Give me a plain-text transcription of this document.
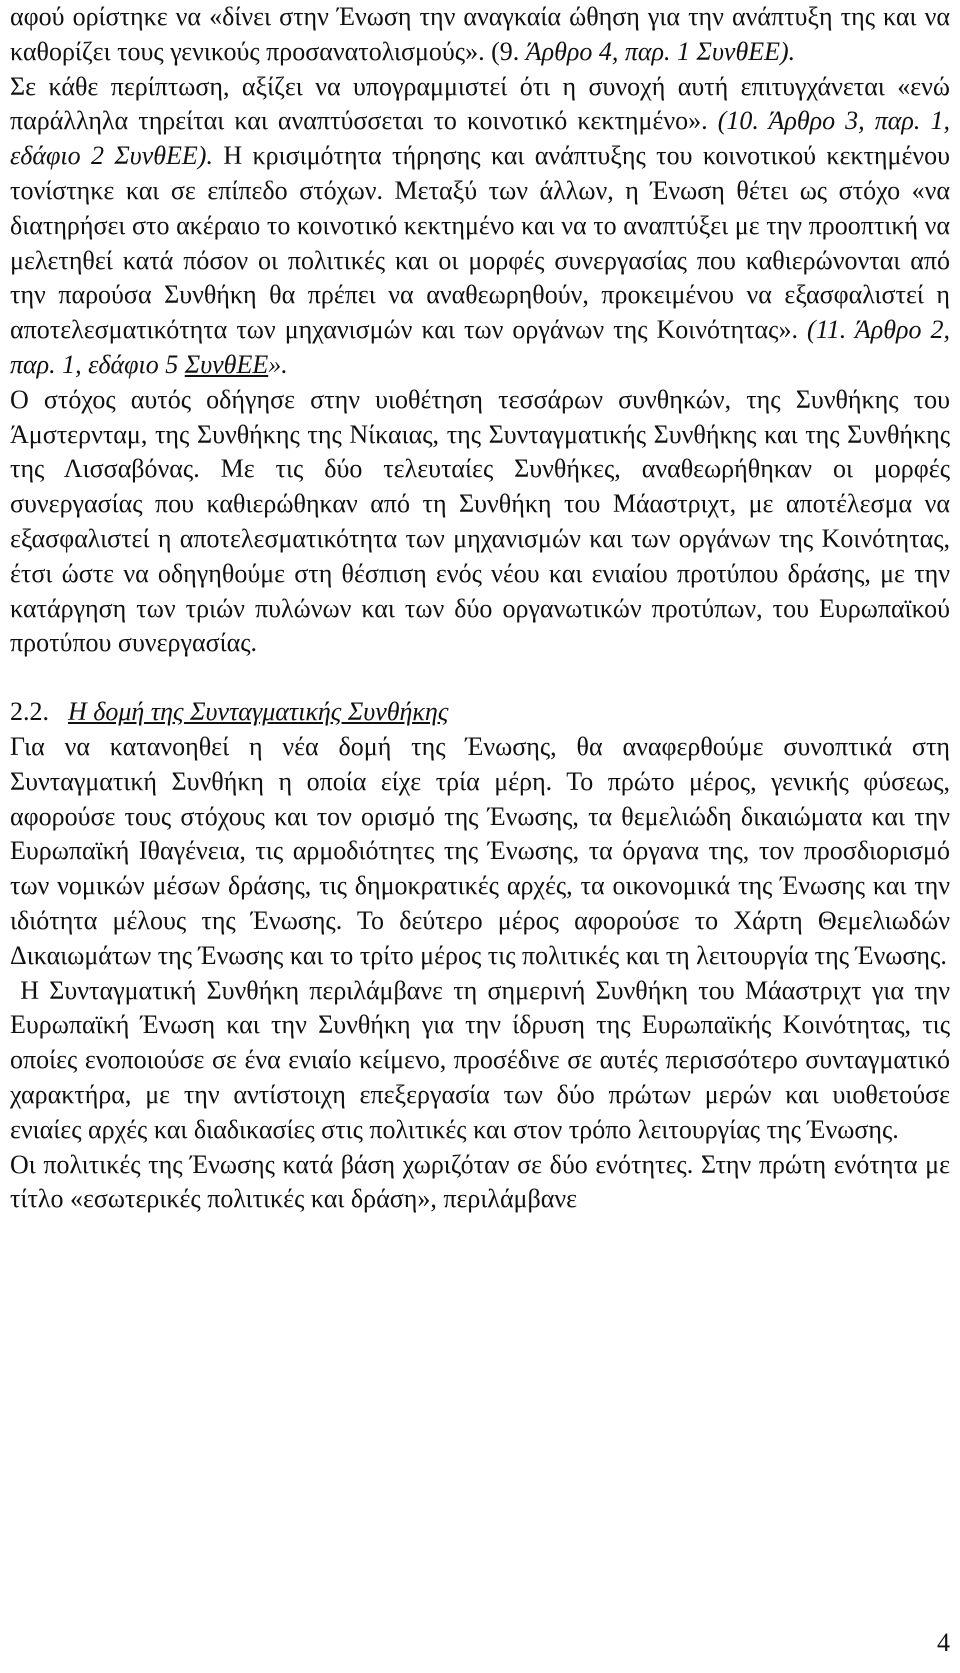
αφού ορίστηκε να «δίνει στην Ένωση την αναγκαία ώθηση για την ανάπτυξη της και να καθορίζει τους γενικούς προσανατολισμούς». (9. Άρθρο 4, παρ. 1 ΣυνθΕΕ).

Σε κάθε περίπτωση, αξίζει να υπογραμμιστεί ότι η συνοχή αυτή επιτυγχάνεται «ενώ παράλληλα τηρείται και αναπτύσσεται το κοινοτικό κεκτημένο». (10. Άρθρο 3, παρ. 1, εδάφιο 2 ΣυνθΕΕ). Η κρισιμότητα τήρησης και ανάπτυξης του κοινοτικού κεκτημένου τονίστηκε και σε επίπεδο στόχων. Μεταξύ των άλλων, η Ένωση θέτει ως στόχο «να διατηρήσει στο ακέραιο το κοινοτικό κεκτημένο και να το αναπτύξει με την προοπτική να μελετηθεί κατά πόσον οι πολιτικές και οι μορφές συνεργασίας που καθιερώνονται από την παρούσα Συνθήκη θα πρέπει να αναθεωρηθούν, προκειμένου να εξασφαλιστεί η αποτελεσματικότητα των μηχανισμών και των οργάνων της Κοινότητας». (11. Άρθρο 2, παρ. 1, εδάφιο 5 ΣυνθΕΕ».

Ο στόχος αυτός οδήγησε στην υιοθέτηση τεσσάρων συνθηκών, της Συνθήκης του Άμστερνταμ, της Συνθήκης της Νίκαιας, της Συνταγματικής Συνθήκης και της Συνθήκης της Λισσαβόνας. Με τις δύο τελευταίες Συνθήκες, αναθεωρήθηκαν οι μορφές συνεργασίας που καθιερώθηκαν από τη Συνθήκη του Μάαστριχτ, με αποτέλεσμα να εξασφαλιστεί η αποτελεσματικότητα των μηχανισμών και των οργάνων της Κοινότητας, έτσι ώστε να οδηγηθούμε στη θέσπιση ενός νέου και ενιαίου προτύπου δράσης, με την κατάργηση των τριών πυλώνων και των δύο οργανωτικών προτύπων, του Ευρωπαϊκού προτύπου συνεργασίας.

2.2. Η δομή της Συνταγματικής Συνθήκης

Για να κατανοηθεί η νέα δομή της Ένωσης, θα αναφερθούμε συνοπτικά στη Συνταγματική Συνθήκη η οποία είχε τρία μέρη. Το πρώτο μέρος, γενικής φύσεως, αφορούσε τους στόχους και τον ορισμό της Ένωσης, τα θεμελιώδη δικαιώματα και την Ευρωπαϊκή Ιθαγένεια, τις αρμοδιότητες της Ένωσης, τα όργανα της, τον προσδιορισμό των νομικών μέσων δράσης, τις δημοκρατικές αρχές, τα οικονομικά της Ένωσης και την ιδιότητα μέλους της Ένωσης. Το δεύτερο μέρος αφορούσε το Χάρτη Θεμελιωδών Δικαιωμάτων της Ένωσης και το τρίτο μέρος τις πολιτικές και τη λειτουργία της Ένωσης.

Η Συνταγματική Συνθήκη περιλάμβανε τη σημερινή Συνθήκη του Μάαστριχτ για την Ευρωπαϊκή Ένωση και την Συνθήκη για την ίδρυση της Ευρωπαϊκής Κοινότητας, τις οποίες ενοποιούσε σε ένα ενιαίο κείμενο, προσέδινε σε αυτές περισσότερο συνταγματικό χαρακτήρα, με την αντίστοιχη επεξεργασία των δύο πρώτων μερών και υιοθετούσε ενιαίες αρχές και διαδικασίες στις πολιτικές και στον τρόπο λειτουργίας της Ένωσης.

Οι πολιτικές της Ένωσης κατά βάση χωριζόταν σε δύο ενότητες. Στην πρώτη ενότητα με τίτλο «εσωτερικές πολιτικές και δράση», περιλάμβανε

4
